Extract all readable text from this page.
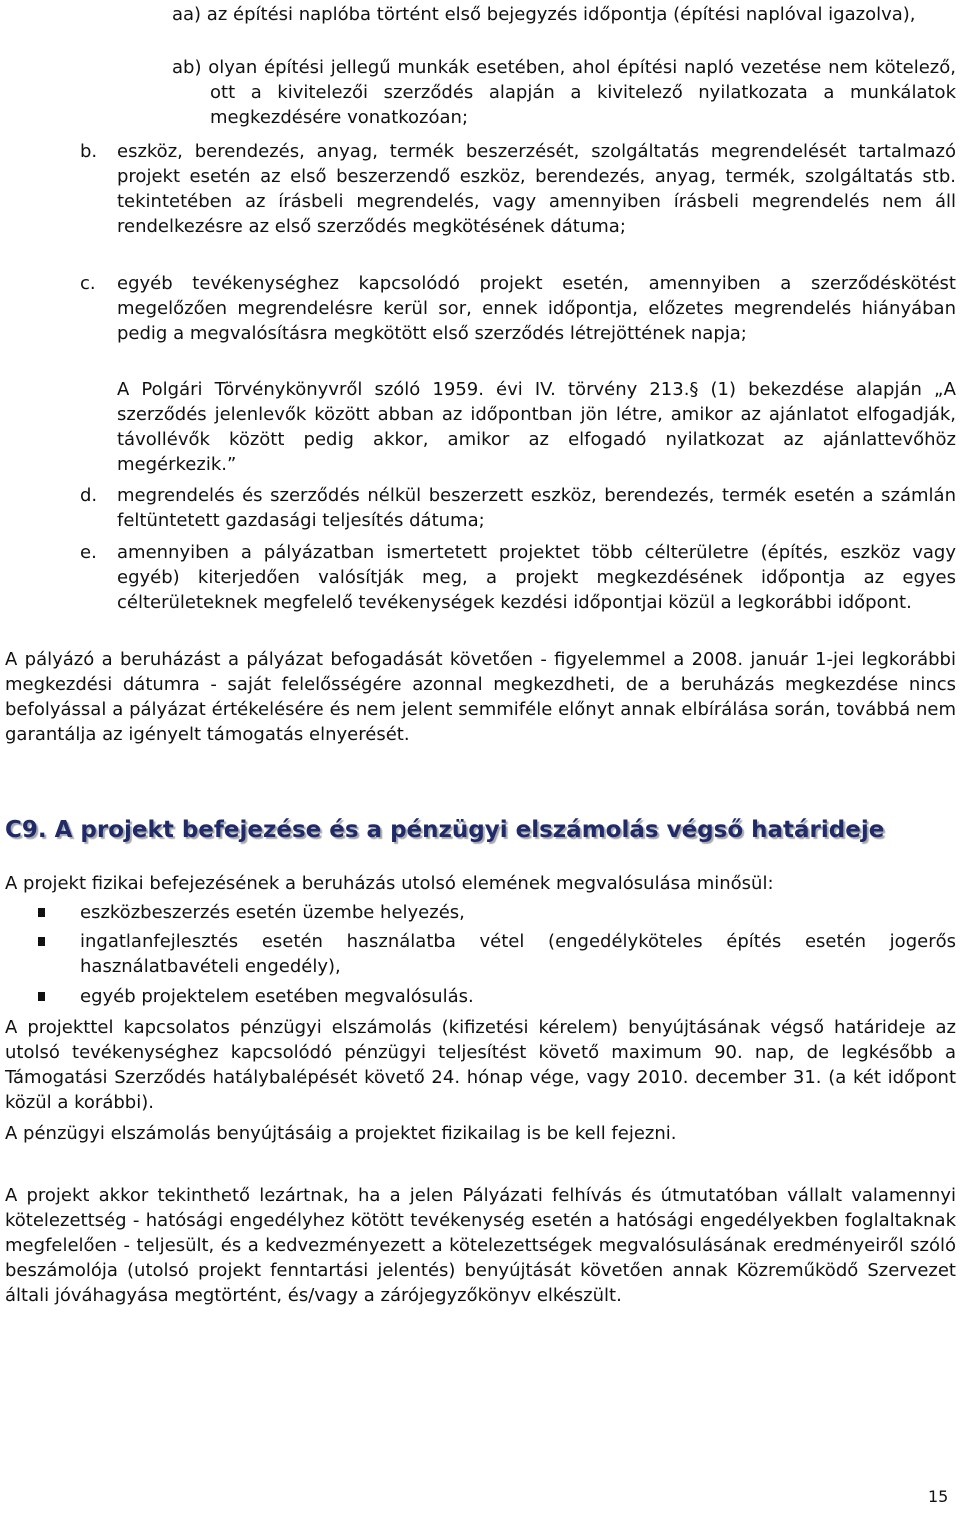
aa) az építési naplóba történt első bejegyzés időpontja (építési naplóval igazolva),

ab) olyan építési jellegű munkák esetében, ahol építési napló vezetése nem kötelező, ott a kivitelezői szerződés alapján a kivitelező nyilatkozata a munkálatok megkezdésére vonatkozóan;

b. eszköz, berendezés, anyag, termék beszerzését, szolgáltatás megrendelését tartalmazó projekt esetén az első beszerzendő eszköz, berendezés, anyag, termék, szolgáltatás stb. tekintetében az írásbeli megrendelés, vagy amennyiben írásbeli megrendelés nem áll rendelkezésre az első szerződés megkötésének dátuma;

c. egyéb tevékenységhez kapcsolódó projekt esetén, amennyiben a szerződéskötést megelőzően megrendelésre kerül sor, ennek időpontja, előzetes megrendelés hiányában pedig a megvalósításra megkötött első szerződés létrejöttének napja;

A Polgári Törvénykönyvről szóló 1959. évi IV. törvény 213.§ (1) bekezdése alapján „A szerződés jelenlevők között abban az időpontban jön létre, amikor az ajánlatot elfogadják, távollévők között pedig akkor, amikor az elfogadó nyilatkozat az ajánlattevőhöz megérkezik.”

d. megrendelés és szerződés nélkül beszerzett eszköz, berendezés, termék esetén a számlán feltüntetett gazdasági teljesítés dátuma;

e. amennyiben a pályázatban ismertetett projektet több célterületre (építés, eszköz vagy egyéb) kiterjedően valósítják meg, a projekt megkezdésének időpontja az egyes célterületeknek megfelelő tevékenységek kezdési időpontjai közül a legkorábbi időpont.

A pályázó a beruházást a pályázat befogadását követően - figyelemmel a 2008. január 1-jei legkorábbi megkezdési dátumra - saját felelősségére azonnal megkezdheti, de a beruházás megkezdése nincs befolyással a pályázat értékelésére és nem jelent semmiféle előnyt annak elbírálása során, továbbá nem garantálja az igényelt támogatás elnyerését.

C9. A projekt befejezése és a pénzügyi elszámolás végső határideje

A projekt fizikai befejezésének a beruházás utolsó elemének megvalósulása minősül:

eszközbeszerzés esetén üzembe helyezés,

ingatlanfejlesztés esetén használatba vétel (engedélyköteles építés esetén jogerős használatbavételi engedély),

egyéb projektelem esetében megvalósulás.

A projekttel kapcsolatos pénzügyi elszámolás (kifizetési kérelem) benyújtásának végső határideje az utolsó tevékenységhez kapcsolódó pénzügyi teljesítést követő maximum 90. nap, de legkésőbb a Támogatási Szerződés hatálybalépését követő 24. hónap vége, vagy 2010. december 31. (a két időpont közül a korábbi).

A pénzügyi elszámolás benyújtásáig a projektet fizikailag is be kell fejezni.

A projekt akkor tekinthető lezártnak, ha a jelen Pályázati felhívás és útmutatóban vállalt valamennyi kötelezettség - hatósági engedélyhez kötött tevékenység esetén a hatósági engedélyekben foglaltaknak megfelelően - teljesült, és a kedvezményezett a kötelezettségek megvalósulásának eredményeiről szóló beszámolója (utolsó projekt fenntartási jelentés) benyújtását követően annak Közreműködő Szervezet általi jóváhagyása megtörtént, és/vagy a zárójegyzőkönyv elkészült.

15
